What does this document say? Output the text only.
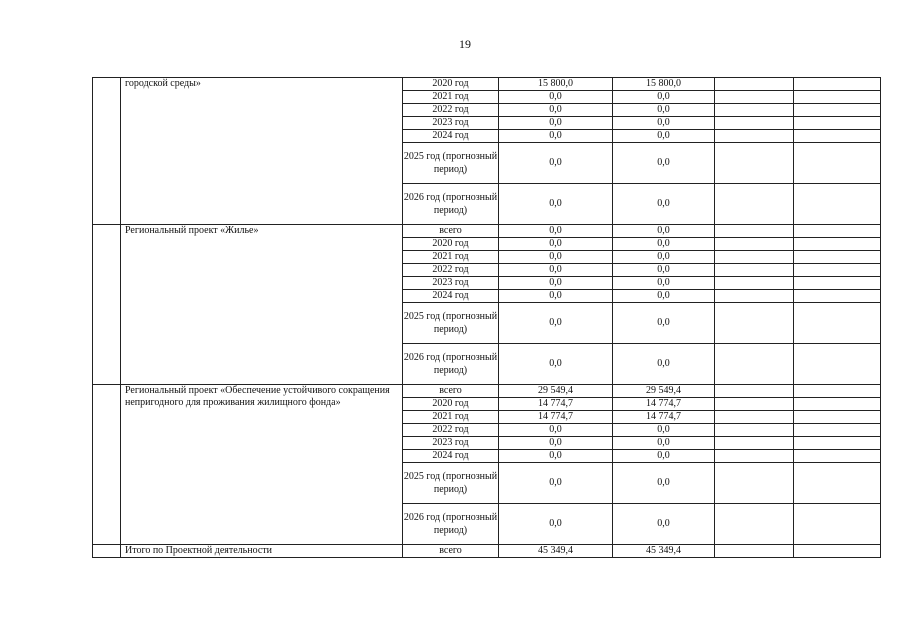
19

	городской среды»	2020 год	15 800,0	15 800,0		
		2021 год	0,0	0,0		
		2022 год	0,0	0,0		
		2023 год	0,0	0,0		
		2024 год	0,0	0,0		
		2025 год (прогнозный период)	0,0	0,0		
		2026 год (прогнозный период)	0,0	0,0		

	Региональный проект «Жилье»	всего	0,0	0,0		
		2020 год	0,0	0,0		
		2021 год	0,0	0,0		
		2022 год	0,0	0,0		
		2023 год	0,0	0,0		
		2024 год	0,0	0,0		
		2025 год (прогнозный период)	0,0	0,0		
		2026 год (прогнозный период)	0,0	0,0		

	Региональный проект «Обеспечение устойчивого сокращения непригодного для проживания жилищного фонда»	всего	29 549,4	29 549,4		
		2020 год	14 774,7	14 774,7		
		2021 год	14 774,7	14 774,7		
		2022 год	0,0	0,0		
		2023 год	0,0	0,0		
		2024 год	0,0	0,0		
		2025 год (прогнозный период)	0,0	0,0		
		2026 год (прогнозный период)	0,0	0,0		

	Итого по Проектной деятельности	всего	45 349,4	45 349,4		
